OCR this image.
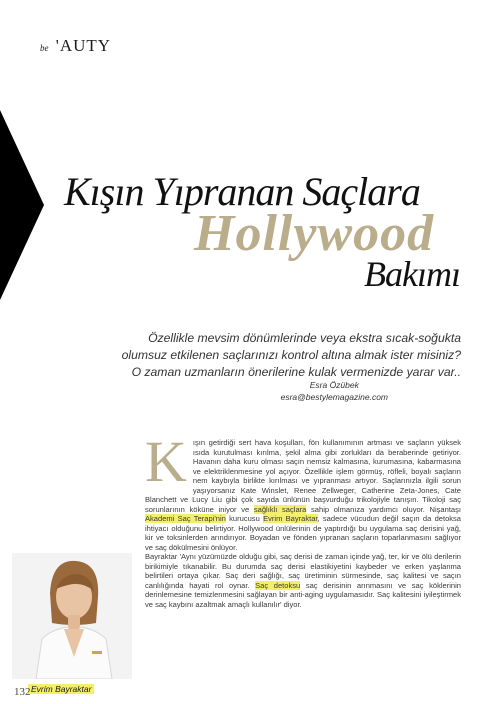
be 'AUTY
Kışın Yıpranan Saçlara
Hollywood
Bakımı
Özellikle mevsim dönümlerinde veya ekstra sıcak-soğukta
olumsuz etkilenen saçlarınızı kontrol altına almak ister misiniz?
O zaman uzmanların önerilerine kulak vermenizde yarar var..
Esra Özübek
esra@bestylemagazine.com

Kışın getirdiği sert hava koşulları, fön kullanımının artması ve saçların yüksek ısıda kurutulması kırılma, şekil alma gibi zorlukları da beraberinde getiriyor. Havanın daha kuru olması saçın nemsiz kalmasına, kurumasına, kabarmasına ve elektriklenmesine yol açıyor. Özellikle işlem görmüş, röfleli, boyalı saçların nem kaybıyla birlikte kırılması ve yıpranması artıyor. Saçlarınızla ilgili sorun yaşıyorsanız Kate Winslet, Renee Zellweger, Catherine Zeta-Jones, Cate Blanchett ve Lucy Liu gibi çok sayıda ünlünün başvurduğu trikolojiyle tanışın. Tikoloji saç sorunlarının köküne iniyor ve sağlıklı saçlara sahip olmanıza yardımcı oluyor. Nişantaşı Akademi Saç Terapi'nin kurucusu Evrim Bayraktar, sadece vücudun değil saçın da detoksa ihtiyacı olduğunu belirtiyor. Hollywood ünlülerinin de yaptırdığı bu uygulama saç derisini yağ, kir ve toksinlerden arındırıyor. Boyadan ve fönden yıpranan saçların toparlanmasını sağlıyor ve saç dökülmesini önlüyor.

Bayraktar 'Aynı yüzümüzde olduğu gibi, saç derisi de zaman içinde yağ, ter, kir ve ölü derilerin birikimiyle tıkanabilir. Bu durumda saç derisi elastikiyetini kaybeder ve erken yaşlanma belirtileri ortaya çıkar. Saç deri sağlığı, saç üretiminin sürmesinde, saç kalitesi ve saçın canlılığında hayati rol oynar. Saç detoksu saç derisinin arınmasını ve saç köklerinin derinlemesine temizlenmesini sağlayan bir anti-aging uygulamasıdır. Saç kalitesini iyileştirmek ve saç kaybını azaltmak amaçlı kullanılır' diyor.

Evrim Bayraktar
132
